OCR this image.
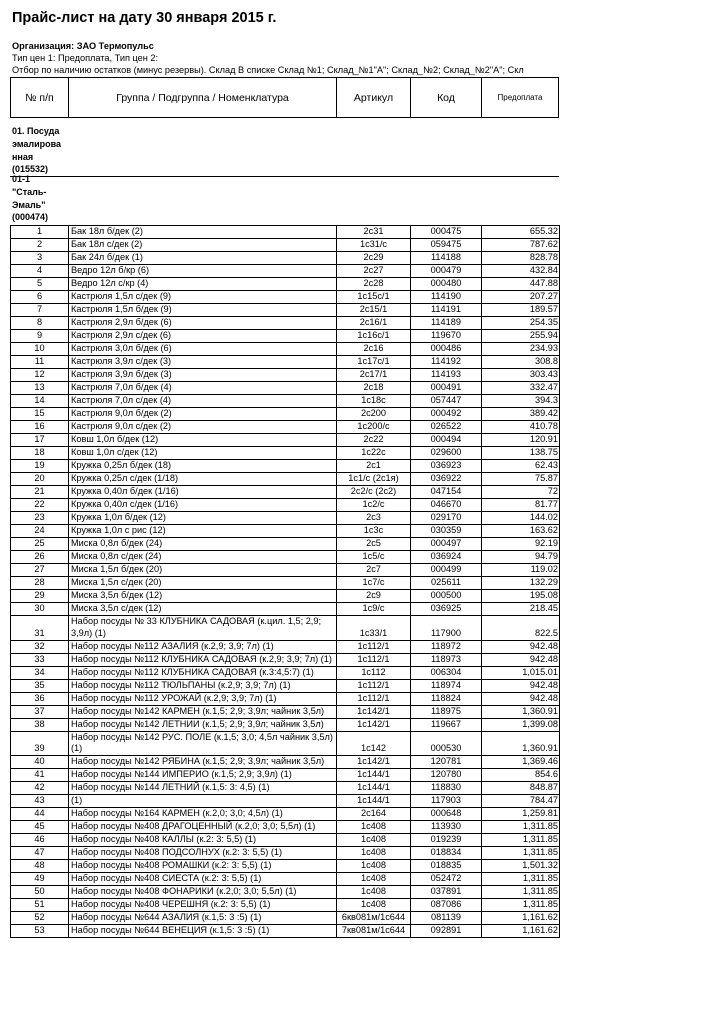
Прайс-лист на дату 30 января 2015 г.
Организация: ЗАО Термопульс
Тип цен 1: Предоплата, Тип цен 2:
Отбор по наличию остатков (минус резервы). Склад В списке Склад №1; Склад_№1"А"; Склад_№2; Склад_№2"А"; Скл
№ п/п	Группа / Подгруппа / Номенклатура	Артикул	Код	Предоплата
01. Посуда
эмалирова
нная
(015532)
01-1
"Сталь-
Эмаль"
(000474)
1	Бак 18л б/дек (2)	2с31	000475	655.32
2	Бак 18л с/дек (2)	1с31/с	059475	787.62
3	Бак 24л б/дек (1)	2с29	114188	828.78
4	Ведро 12л б/кр (6)	2с27	000479	432.84
5	Ведро 12л с/кр (4)	2с28	000480	447.88
6	Кастрюля 1,5л с/дек (9)	1с15с/1	114190	207.27
7	Кастрюля 1,5л б/дек (9)	2с15/1	114191	189.57
8	Кастрюля 2,9л б/дек (6)	2с16/1	114189	254.35
9	Кастрюля 2,9л с/дек (6)	1с16с/1	119670	255.94
10	Кастрюля 3,0л б/дек (6)	2с16	000486	234.93
11	Кастрюля 3,9л с/дек (3)	1с17с/1	114192	308.8
12	Кастрюля 3,9л б/дек (3)	2с17/1	114193	303.43
13	Кастрюля 7,0л б/дек (4)	2с18	000491	332.47
14	Кастрюля 7,0л с/дек (4)	1с18с	057447	394.3
15	Кастрюля 9,0л б/дек (2)	2с200	000492	389.42
16	Кастрюля 9,0л с/дек (2)	1с200/с	026522	410.78
17	Ковш 1,0л б/дек (12)	2с22	000494	120.91
18	Ковш 1,0л с/дек (12)	1с22с	029600	138.75
19	Кружка 0,25л б/дек (18)	2с1	036923	62.43
20	Кружка 0,25л с/дек (1/18)	1с1/с (2с1я)	036922	75.87
21	Кружка 0,40л б/дек (1/16)	2с2/с (2с2)	047154	72
22	Кружка 0,40л с/дек (1/16)	1с2/с	046670	81.77
23	Кружка 1,0л б/дек (12)	2с3	029170	144.02
24	Кружка 1,0л с рис (12)	1с3с	030359	163.62
25	Миска 0,8л б/дек (24)	2с5	000497	92.19
26	Миска 0,8л с/дек (24)	1с5/с	036924	94.79
27	Миска 1,5л б/дек (20)	2с7	000499	119.02
28	Миска 1,5л с/дек (20)	1с7/с	025611	132.29
29	Миска 3,5л б/дек (12)	2с9	000500	195.08
30	Миска 3,5л с/дек (12)	1с9/с	036925	218.45
31	Набор посуды № 33 КЛУБНИКА САДОВАЯ (к.цил. 1,5; 2,9; 3,9л) (1)	1с33/1	117900	822.5
32	Набор посуды №112 АЗАЛИЯ (к.2,9; 3,9; 7л) (1)	1с112/1	118972	942.48
33	Набор посуды №112 КЛУБНИКА САДОВАЯ (к.2,9; 3,9; 7л) (1)	1с112/1	118973	942.48
34	Набор посуды №112 КЛУБНИКА САДОВАЯ (к.3:4,5:7) (1)	1с112	006304	1,015.01
35	Набор посуды №112 ТЮЛЬПАНЫ (к.2,9; 3,9; 7л) (1)	1с112/1	118974	942.48
36	Набор посуды №112 УРОЖАЙ (к.2,9; 3,9; 7л) (1)	1с112/1	118824	942.48
37	Набор посуды №142 КАРМЕН (к.1,5; 2,9; 3,9л; чайник 3,5л)	1с142/1	118975	1,360.91
38	Набор посуды №142 ЛЕТНИИ (к.1,5; 2,9; 3,9л; чайник 3,5л)	1с142/1	119667	1,399.08
39	Набор посуды №142 РУС. ПОЛЕ (к.1,5; 3,0; 4,5л чайник 3,5л) (1)	1с142	000530	1,360.91
40	Набор посуды №142 РЯБИНА (к.1,5; 2,9; 3,9л; чайник 3,5л)	1с142/1	120781	1,369.46
41	Набор посуды №144 ИМПЕРИО (к.1,5; 2,9; 3,9л) (1)	1с144/1	120780	854.6
42	Набор посуды №144 ЛЕТНИЙ (к.1,5: 3: 4,5) (1)	1с144/1	118830	848.87
43	(1)	1с144/1	117903	784.47
44	Набор посуды №164 КАРМЕН (к.2,0; 3,0; 4,5л) (1)	2с164	000648	1,259.81
45	Набор посуды №408 ДРАГОЦЕННЫЙ (к.2,0; 3,0; 5,5л) (1)	1с408	113930	1,311.85
46	Набор посуды №408 КАЛЛЫ (к.2: 3: 5,5) (1)	1с408	019239	1,311.85
47	Набор посуды №408 ПОДСОЛНУХ (к.2: 3: 5,5) (1)	1с408	018834	1,311.85
48	Набор посуды №408 РОМАШКИ (к.2: 3: 5,5) (1)	1с408	018835	1,501.32
49	Набор посуды №408 СИЕСТА (к.2: 3: 5,5) (1)	1с408	052472	1,311.85
50	Набор посуды №408 ФОНАРИКИ (к.2,0; 3,0; 5,5л) (1)	1с408	037891	1,311.85
51	Набор посуды №408 ЧЕРЕШНЯ (к.2: 3: 5,5) (1)	1с408	087086	1,311.85
52	Набор посуды №644 АЗАЛИЯ (к.1,5: 3 :5) (1)	6кв081м/1с644	081139	1,161.62
53	Набор посуды №644 ВЕНЕЦИЯ (к.1,5: 3 :5) (1)	7кв081м/1с644	092891	1,161.62
